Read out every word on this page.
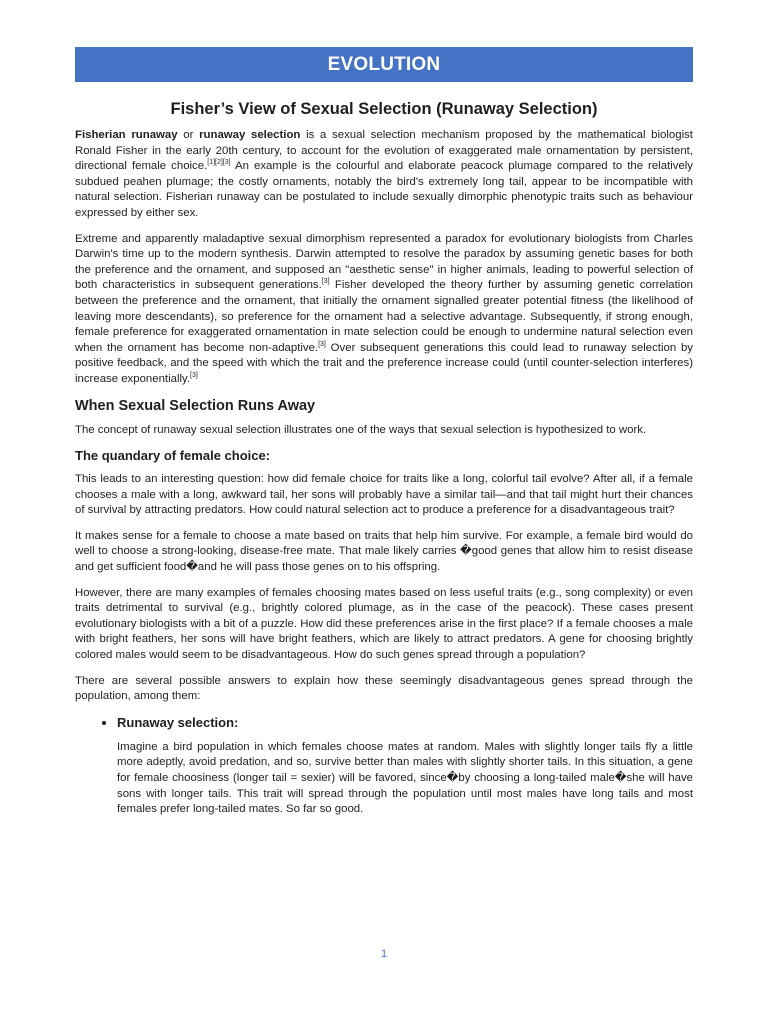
EVOLUTION
Fisher’s View of Sexual Selection (Runaway Selection)

Fisherian runaway or runaway selection is a sexual selection mechanism proposed by the mathematical biologist Ronald Fisher in the early 20th century, to account for the evolution of exaggerated male ornamentation by persistent, directional female choice.[1][2][3] An example is the colourful and elaborate peacock plumage compared to the relatively subdued peahen plumage; the costly ornaments, notably the bird's extremely long tail, appear to be incompatible with natural selection. Fisherian runaway can be postulated to include sexually dimorphic phenotypic traits such as behaviour expressed by either sex.

Extreme and apparently maladaptive sexual dimorphism represented a paradox for evolutionary biologists from Charles Darwin's time up to the modern synthesis. Darwin attempted to resolve the paradox by assuming genetic bases for both the preference and the ornament, and supposed an "aesthetic sense" in higher animals, leading to powerful selection of both characteristics in subsequent generations.[3] Fisher developed the theory further by assuming genetic correlation between the preference and the ornament, that initially the ornament signalled greater potential fitness (the likelihood of leaving more descendants), so preference for the ornament had a selective advantage. Subsequently, if strong enough, female preference for exaggerated ornamentation in mate selection could be enough to undermine natural selection even when the ornament has become non-adaptive.[3] Over subsequent generations this could lead to runaway selection by positive feedback, and the speed with which the trait and the preference increase could (until counter-selection interferes) increase exponentially.[3]

When Sexual Selection Runs Away

The concept of runaway sexual selection illustrates one of the ways that sexual selection is hypothesized to work.

The quandary of female choice:

This leads to an interesting question: how did female choice for traits like a long, colorful tail evolve? After all, if a female chooses a male with a long, awkward tail, her sons will probably have a similar tail—and that tail might hurt their chances of survival by attracting predators. How could natural selection act to produce a preference for a disadvantageous trait?

It makes sense for a female to choose a mate based on traits that help him survive. For example, a female bird would do well to choose a strong-looking, disease-free mate. That male likely carries �good genes that allow him to resist disease and get sufficient food�and he will pass those genes on to his offspring.

However, there are many examples of females choosing mates based on less useful traits (e.g., song complexity) or even traits detrimental to survival (e.g., brightly colored plumage, as in the case of the peacock). These cases present evolutionary biologists with a bit of a puzzle. How did these preferences arise in the first place? If a female chooses a male with bright feathers, her sons will have bright feathers, which are likely to attract predators. A gene for choosing brightly colored males would seem to be disadvantageous. How do such genes spread through a population?

There are several possible answers to explain how these seemingly disadvantageous genes spread through the population, among them:

• Runaway selection:

Imagine a bird population in which females choose mates at random. Males with slightly longer tails fly a little more adeptly, avoid predation, and so, survive better than males with slightly shorter tails. In this situation, a gene for female choosiness (longer tail = sexier) will be favored, since�by choosing a long-tailed male�she will have sons with longer tails. This trait will spread through the population until most males have long tails and most females prefer long-tailed mates. So far so good.

1
